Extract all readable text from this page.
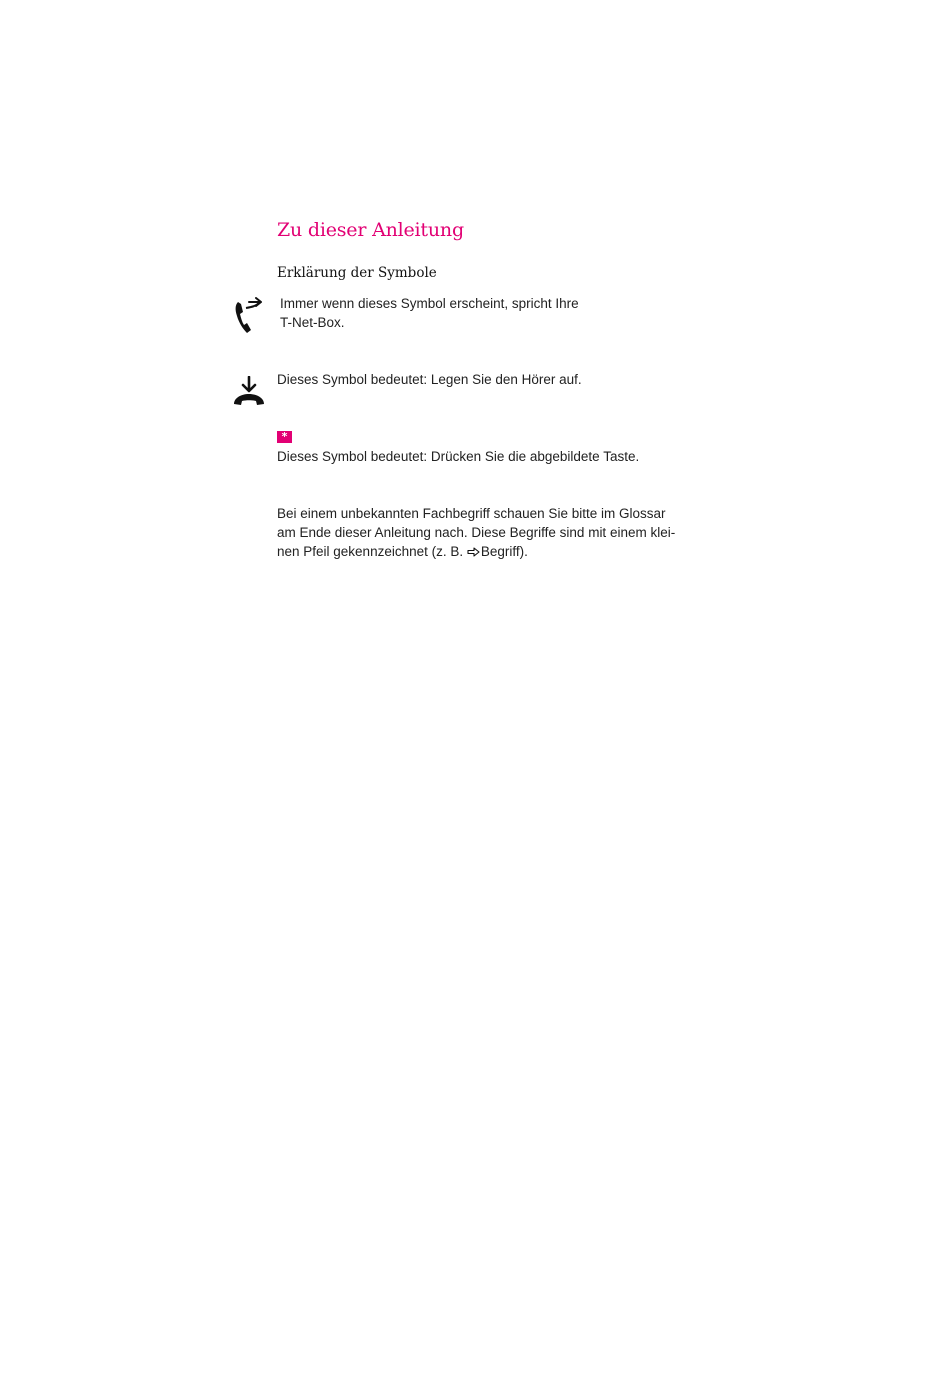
Zu dieser Anleitung
Erklärung der Symbole

Immer wenn dieses Symbol erscheint, spricht Ihre
T-Net-Box.

Dieses Symbol bedeutet: Legen Sie den Hörer auf.

*

Dieses Symbol bedeutet: Drücken Sie die abgebildete Taste.

Bei einem unbekannten Fachbegriff schauen Sie bitte im Glossar
am Ende dieser Anleitung nach. Diese Begriffe sind mit einem klei-
nen Pfeil gekennzeichnet (z. B. Begriff).
